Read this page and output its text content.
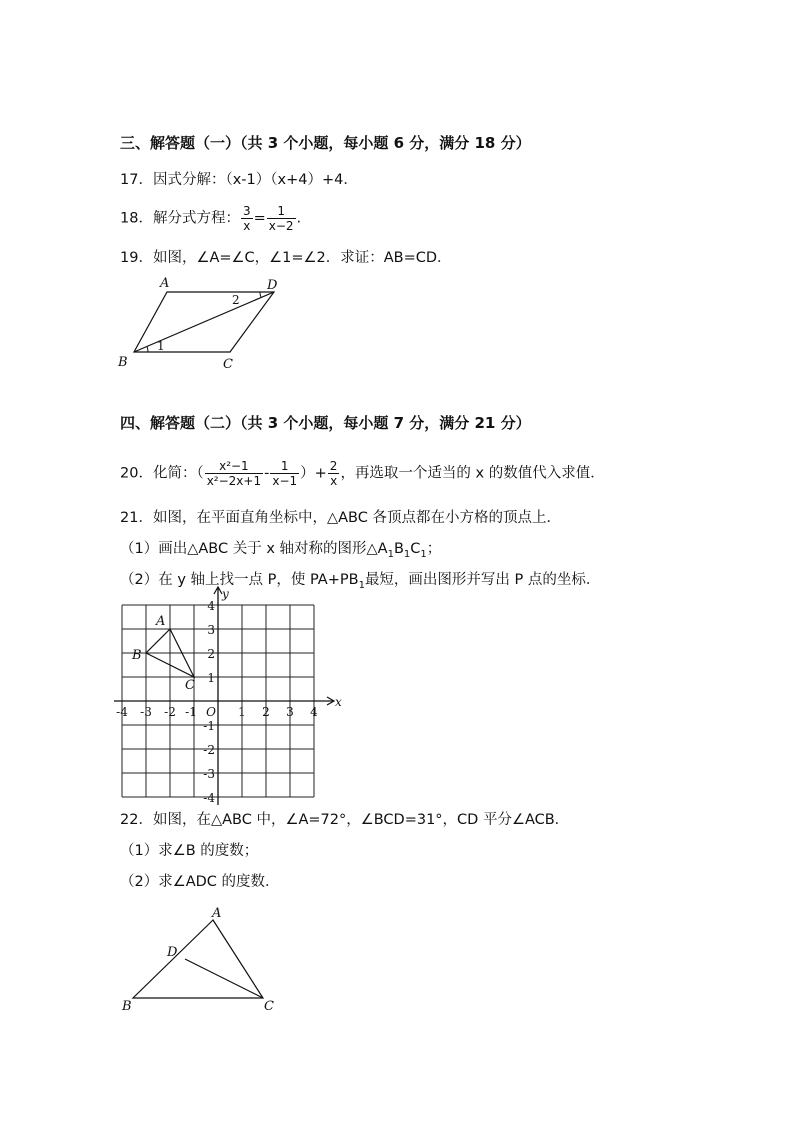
三、解答题（一）（共 3 个小题，每小题 6 分，满分 18 分）
17．因式分解：（x-1）（x+4）+4．
18．解分式方程： $\frac{3}{x} = \frac{1}{x-2}$ .
19．如图，∠A=∠C，∠1=∠2．求证：AB=CD．
A	D
B	C
1
2
四、解答题（二）（共 3 个小题，每小题 7 分，满分 21 分）
20．化简：（ $\frac{\text{x²−1}}{\text{x²−2x+1}} - \frac{1}{x-1}$ ）+ $\frac{2}{x}$ ，再选取一个适当的 x 的数值代入求值．
21．如图，在平面直角坐标中，△ABC 各顶点都在小方格的顶点上．
（1）画出△ABC 关于 x 轴对称的图形$\triangle A_1B_1C_1$；
（2）在 y 轴上找一点 P，使 $PA+PB_1$最短，画出图形并写出 P 点的坐标．
x
y
O
-4 -3 -2 -1	1 2 3 4
4
3
2
1
-1
-2
-3
-4
A
B
C
22．如图，在△ABC 中，∠A=72°，∠BCD=31°，CD 平分∠ACB．
（1）求∠B 的度数；
（2）求∠ADC 的度数．
A
D
B	C
